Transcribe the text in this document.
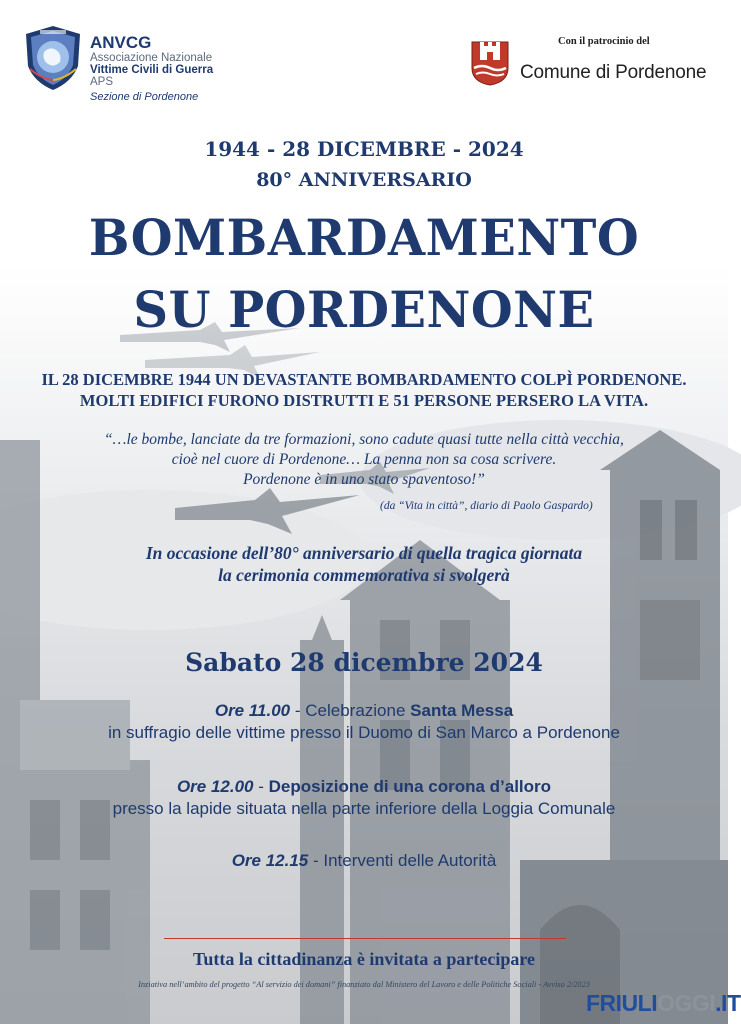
ANVCG
Associazione Nazionale
Vittime Civili di Guerra
APS
Sezione di Pordenone
Con il patrocinio del
Comune di Pordenone
1944 - 28 DICEMBRE - 2024
80° ANNIVERSARIO
BOMBARDAMENTO
SU PORDENONE
IL 28 DICEMBRE 1944 UN DEVASTANTE BOMBARDAMENTO COLPÌ PORDENONE.
MOLTI EDIFICI FURONO DISTRUTTI E 51 PERSONE PERSERO LA VITA.
“…le bombe, lanciate da tre formazioni, sono cadute quasi tutte nella città vecchia,
cioè nel cuore di Pordenone… La penna non sa cosa scrivere.
Pordenone è in uno stato spaventoso!”
(da “Vita in città”, diario di Paolo Gaspardo)
In occasione dell’80° anniversario di quella tragica giornata
la cerimonia commemorativa si svolgerà
Sabato 28 dicembre 2024
Ore 11.00 - Celebrazione Santa Messa
in suffragio delle vittime presso il Duomo di San Marco a Pordenone
Ore 12.00 - Deposizione di una corona d’alloro
presso la lapide situata nella parte inferiore della Loggia Comunale
Ore 12.15 - Interventi delle Autorità
Tutta la cittadinanza è invitata a partecipare
Inziativa nell’ambito del progetto “Al servizio dei domani” finanziato dal Ministero del Lavoro e delle Politiche Sociali - Avviso 2/2023
FRIULIOGGI.IT
